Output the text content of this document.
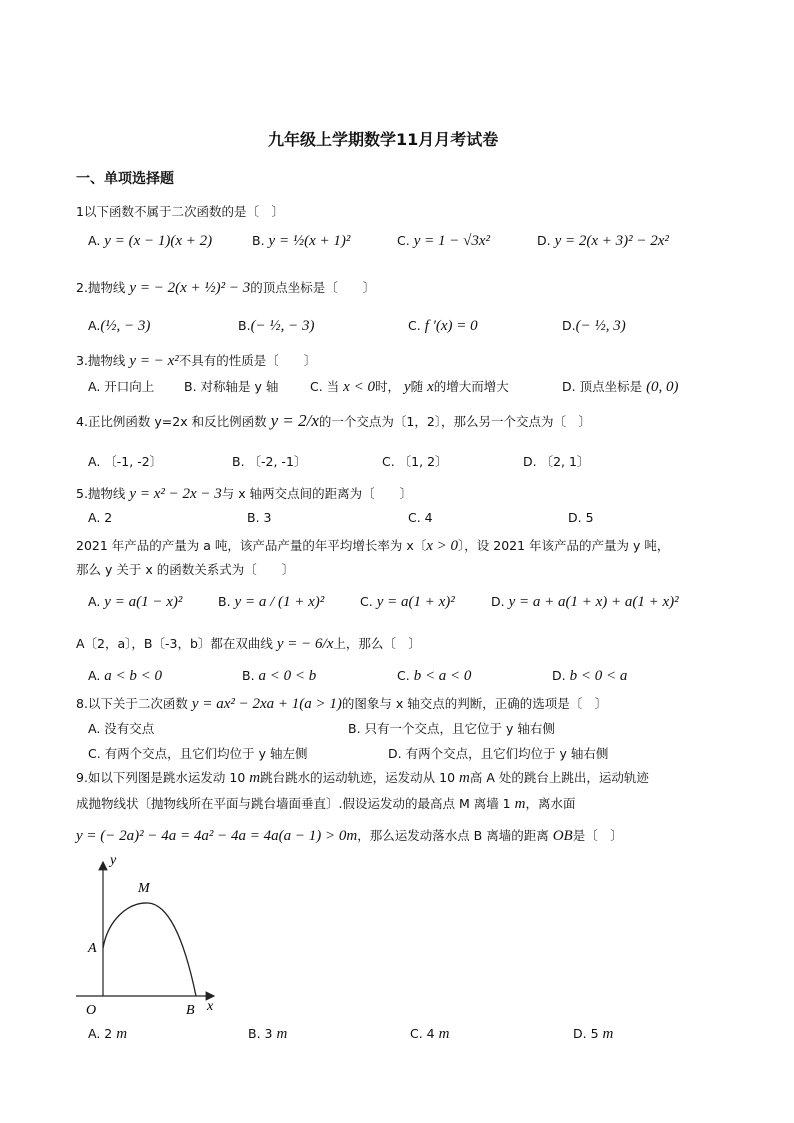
九年级上学期数学11月月考试卷
一、单项选择题
1以下函数不属于二次函数的是〔　〕
A. y = (x − 1)(x + 2)	B. y = ½(x + 1)²	C. y = 1 − √3x²	D. y = 2(x + 3)² − 2x²
2.抛物线 y = − 2(x + ½)² − 3的顶点坐标是〔　　〕
A.(½, − 3)	B.(− ½, − 3)	C. f ′(x) = 0	D.(− ½, 3)
3.抛物线 y = − x²不具有的性质是〔　　〕
A. 开口向上 B. 对称轴是 y 轴	C. 当 x < 0时， y随 x的增大而增大	D. 顶点坐标是 (0, 0)
4.正比例函数 y=2x 和反比例函数 y = 2/x的一个交点为〔1，2〕，那么另一个交点为〔　〕
A. 〔-1, -2〕	B. 〔-2, -1〕	C. 〔1, 2〕	D. 〔2, 1〕
5.抛物线 y = x² − 2x − 3与 x 轴两交点间的距离为〔　　〕
A. 2	B. 3	C. 4	D. 5
2021 年产品的产量为 a 吨，该产品产量的年平均增长率为 x〔x > 0〕，设 2021 年该产品的产量为 y 吨，
那么 y 关于 x 的函数关系式为〔　　〕
A. y = a(1 − x)²	B. y = a / (1 + x)²	C. y = a(1 + x)²	D. y = a + a(1 + x) + a(1 + x)²
A〔2，a〕，B〔-3，b〕都在双曲线 y = − 6/x上，那么〔　〕
A. a < b < 0	B. a < 0 < b	C. b < a < 0	D. b < 0 < a
8.以下关于二次函数 y = ax² − 2xa + 1(a > 1)的图象与 x 轴交点的判断，正确的选项是〔　〕
A. 没有交点	B. 只有一个交点，且它位于 y 轴右侧
C. 有两个交点，且它们均位于 y 轴左侧	D. 有两个交点，且它们均位于 y 轴右侧
9.如以下列图是跳水运发动 10 m跳台跳水的运动轨迹，运发动从 10 m高 A 处的跳台上跳出，运动轨迹
成抛物线状〔抛物线所在平面与跳台墙面垂直〕.假设运发动的最高点 M 离墙 1 m，离水面
y = (− 2a)² − 4a = 4a² − 4a = 4a(a − 1) > 0m，那么运发动落水点 B 离墙的距离 OB是〔　〕
y
x
O
A
M
B
A. 2 m	B. 3 m	C. 4 m	D. 5 m
